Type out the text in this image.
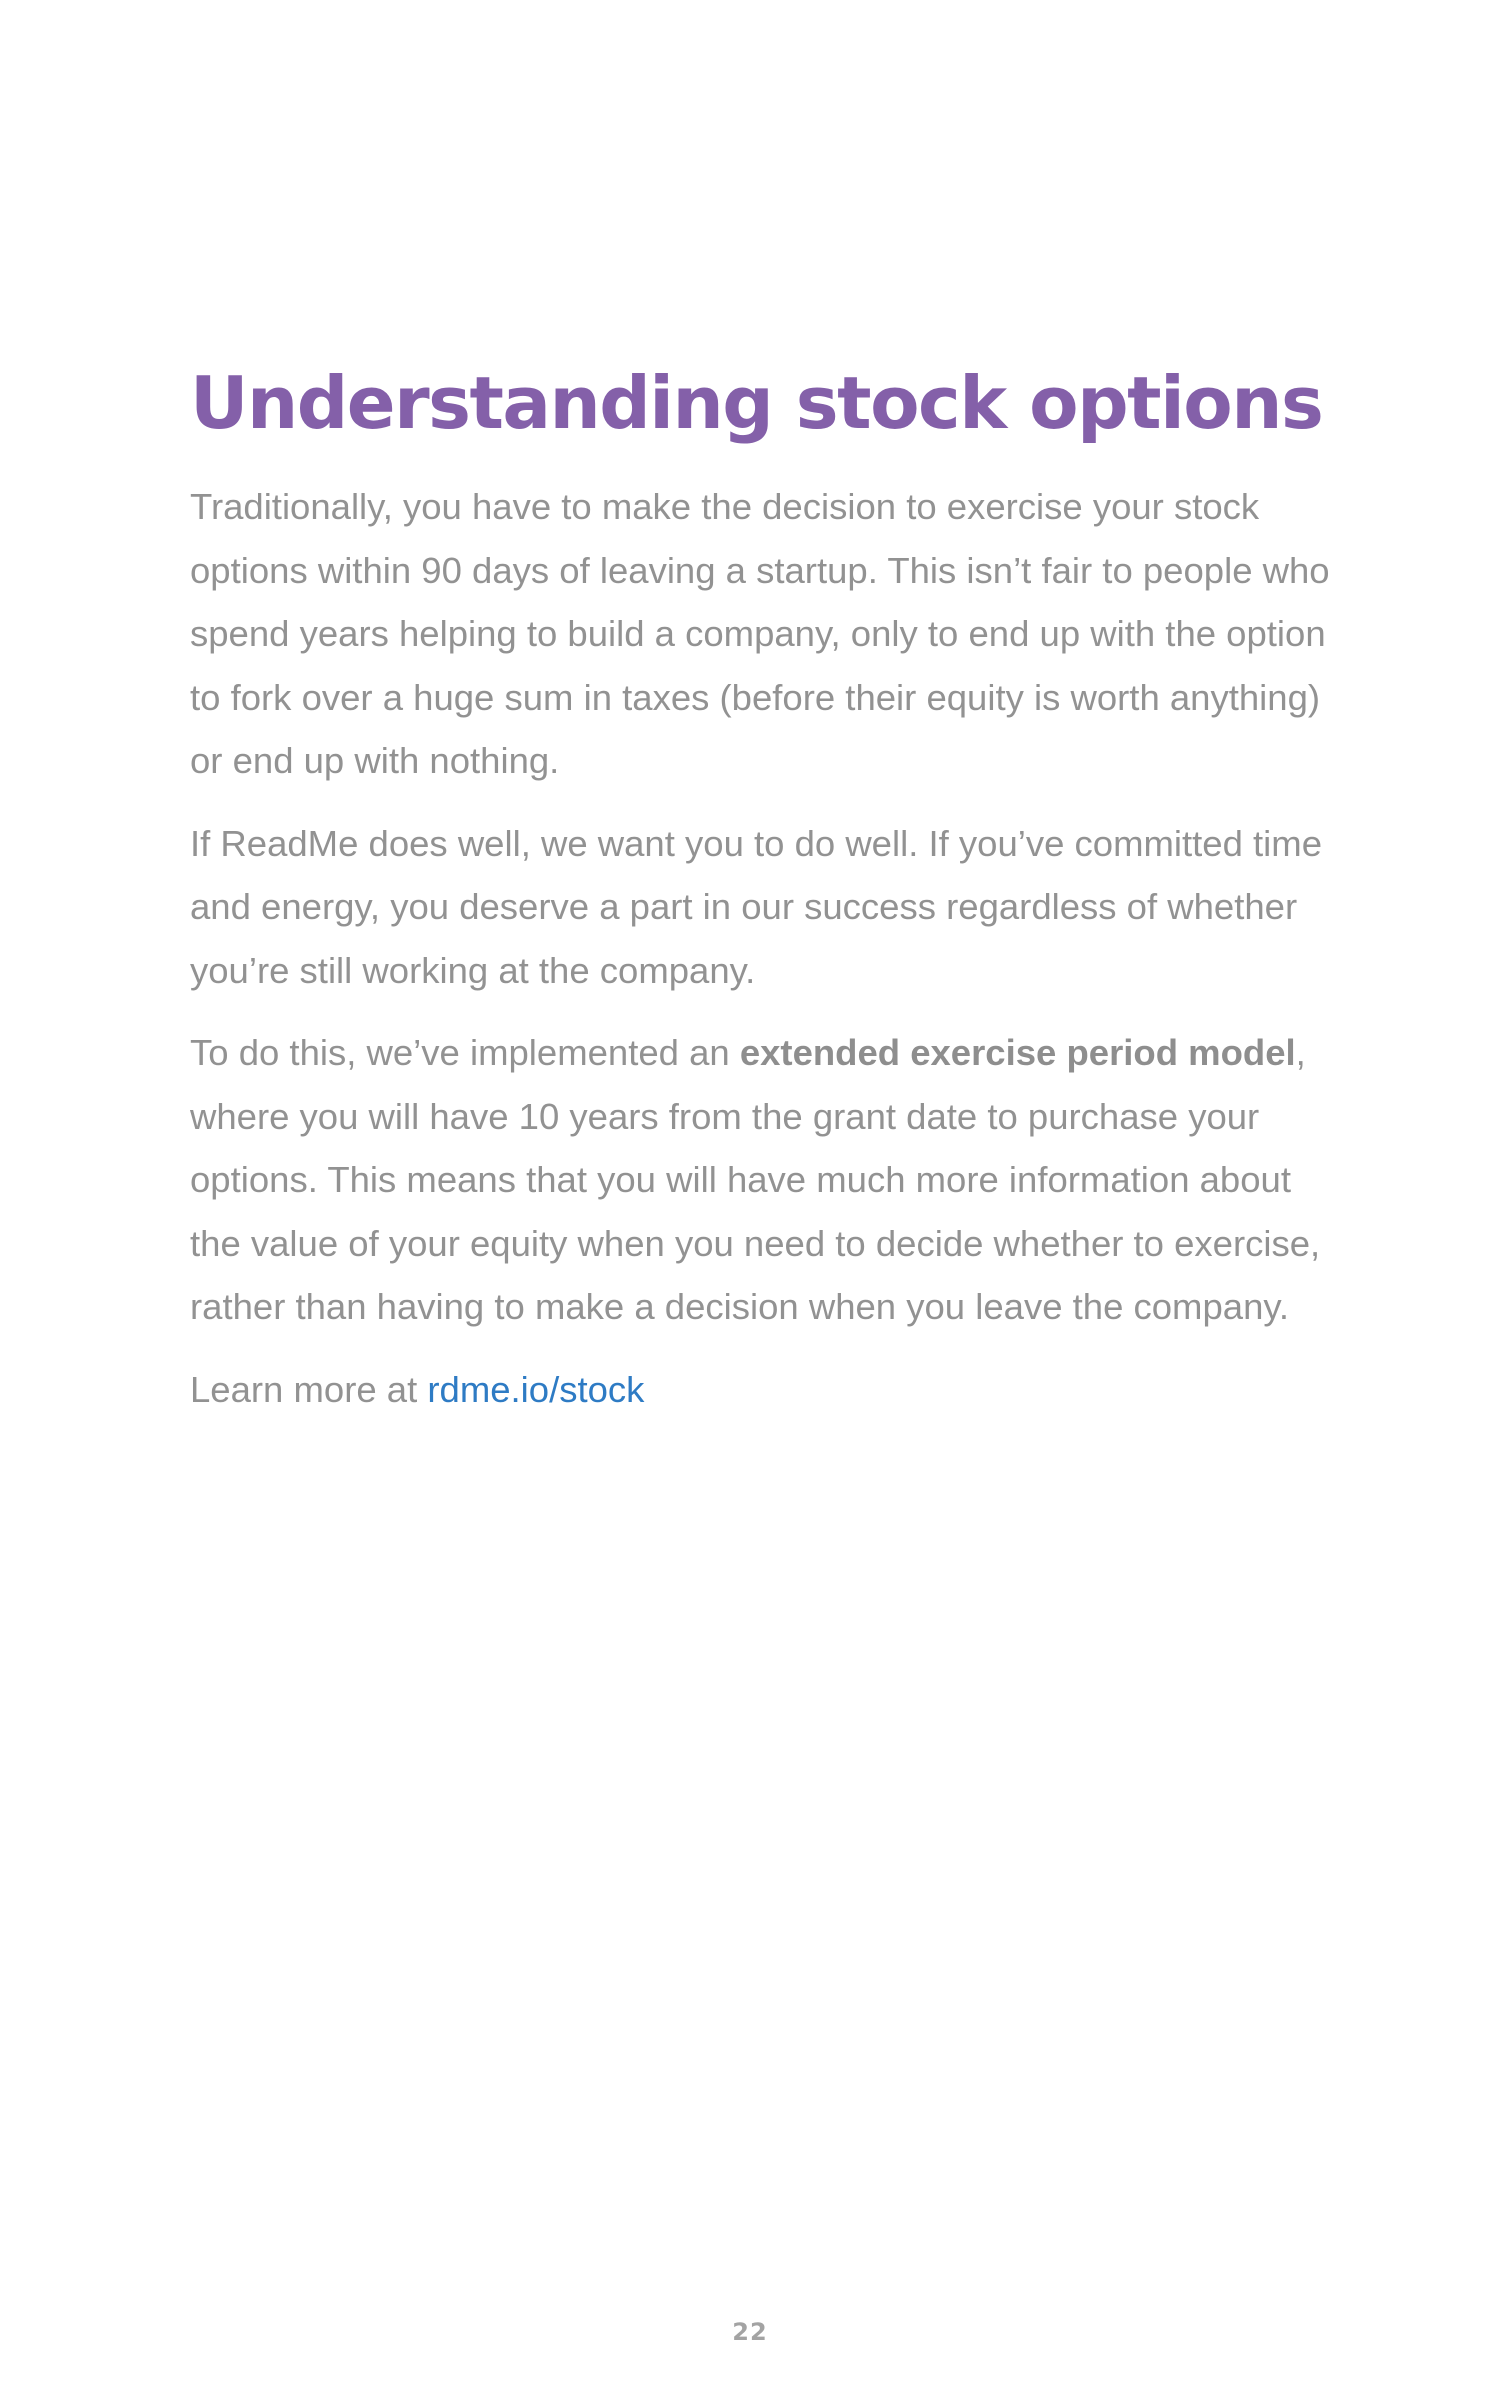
Understanding stock options

Traditionally, you have to make the decision to exercise your stock options within 90 days of leaving a startup. This isn’t fair to people who spend years helping to build a company, only to end up with the option to fork over a huge sum in taxes (before their equity is worth anything) or end up with nothing.

If ReadMe does well, we want you to do well. If you’ve committed time and energy, you deserve a part in our success regardless of whether you’re still working at the company.

To do this, we’ve implemented an extended exercise period model, where you will have 10 years from the grant date to purchase your options. This means that you will have much more information about the value of your equity when you need to decide whether to exercise, rather than having to make a decision when you leave the company.

Learn more at rdme.io/stock

22
